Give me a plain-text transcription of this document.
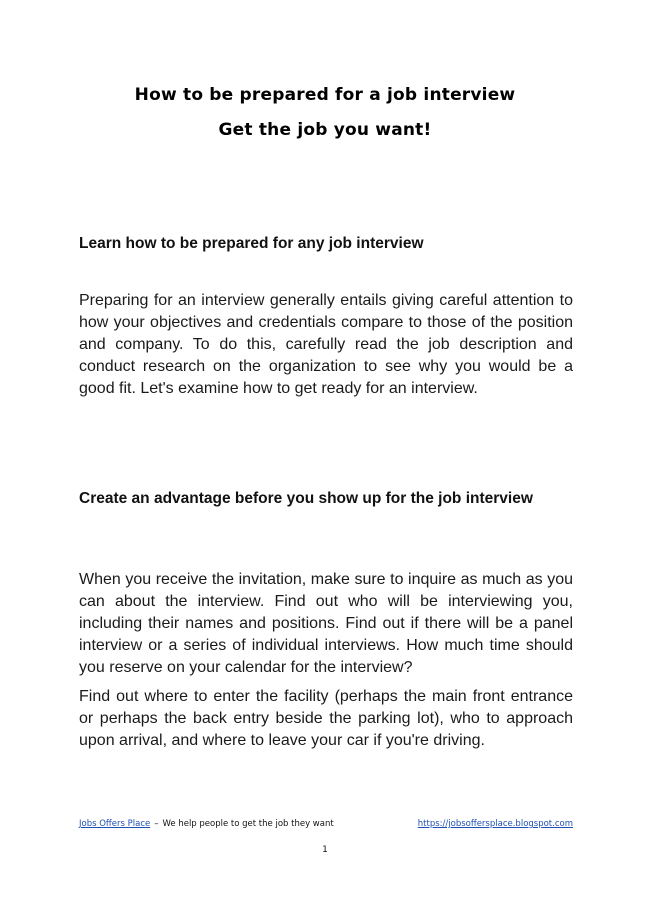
How to be prepared for a job interview
Get the job you want!
Learn how to be prepared for any job interview

Preparing for an interview generally entails giving careful attention to how your objectives and credentials compare to those of the position and company. To do this, carefully read the job description and conduct research on the organization to see why you would be a good fit. Let's examine how to get ready for an interview.

Create an advantage before you show up for the job interview

When you receive the invitation, make sure to inquire as much as you can about the interview. Find out who will be interviewing you, including their names and positions. Find out if there will be a panel interview or a series of individual interviews. How much time should you reserve on your calendar for the interview?

Find out where to enter the facility (perhaps the main front entrance or perhaps the back entry beside the parking lot), who to approach upon arrival, and where to leave your car if you're driving.

Jobs Offers Place – We help people to get the job they want	https://jobsoffersplace.blogspot.com
1
